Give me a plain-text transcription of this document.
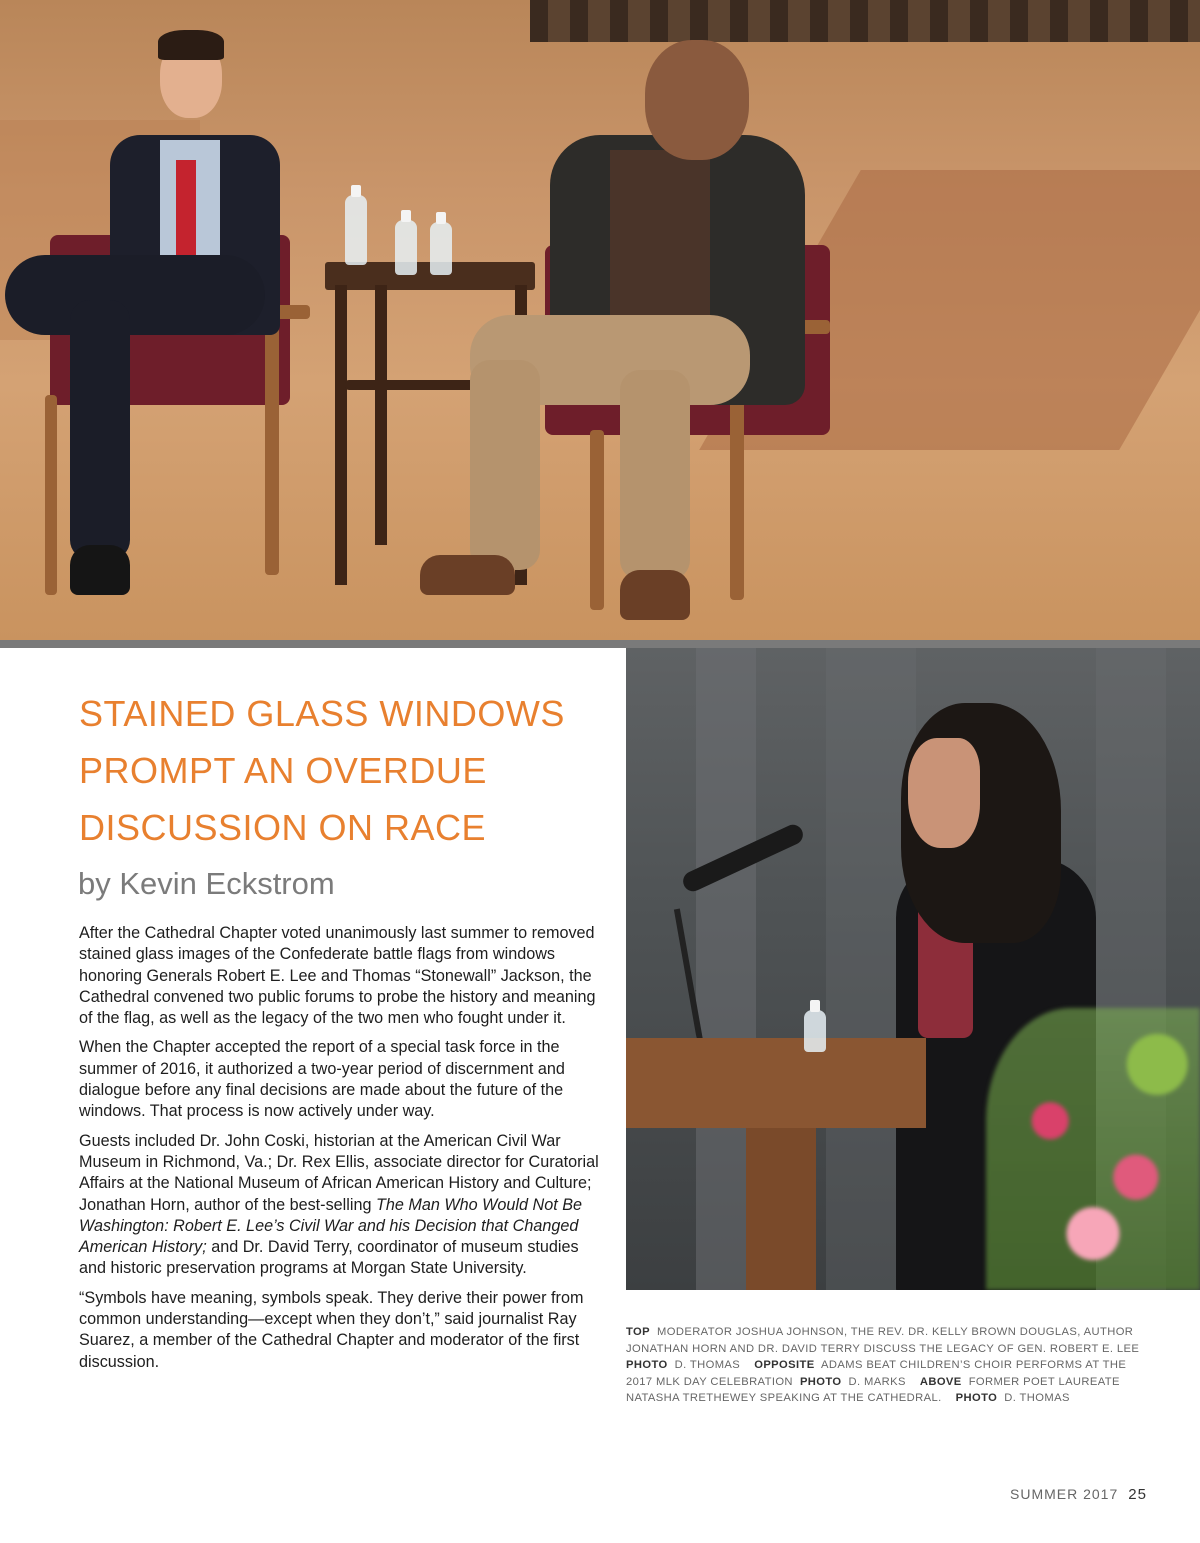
STAINED GLASS WINDOWS
PROMPT AN OVERDUE
DISCUSSION ON RACE

by Kevin Eckstrom

After the Cathedral Chapter voted unanimously last summer to removed stained glass images of the Confederate battle flags from windows honoring Generals Robert E. Lee and Thomas “Stonewall” Jackson, the Cathedral convened two public forums to probe the history and meaning of the flag, as well as the legacy of the two men who fought under it.

When the Chapter accepted the report of a special task force in the summer of 2016, it authorized a two-year period of discernment and dialogue before any final decisions are made about the future of the windows. That process is now actively under way.

Guests included Dr. John Coski, historian at the American Civil War Museum in Richmond, Va.; Dr. Rex Ellis, associate director for Curatorial Affairs at the National Museum of African American History and Culture; Jonathan Horn, author of the best-selling The Man Who Would Not Be Washington: Robert E. Lee’s Civil War and his Decision that Changed American History; and Dr. David Terry, coordinator of museum studies and historic preservation programs at Morgan State University.

“Symbols have meaning, symbols speak. They derive their power from common understanding—except when they don’t,” said journalist Ray Suarez, a member of the Cathedral Chapter and moderator of the first discussion.

TOP MODERATOR JOSHUA JOHNSON, THE REV. DR. KELLY BROWN DOUGLAS, AUTHOR JONATHAN HORN AND DR. DAVID TERRY DISCUSS THE LEGACY OF GEN. ROBERT E. LEE  PHOTO D. THOMAS OPPOSITE ADAMS BEAT CHILDREN’S CHOIR PERFORMS AT THE 2017 MLK DAY CELEBRATION PHOTO D. MARKS ABOVE FORMER POET LAUREATE NATASHA TRETHEWEY SPEAKING AT THE CATHEDRAL. PHOTO D. THOMAS
SUMMER 2017 25
